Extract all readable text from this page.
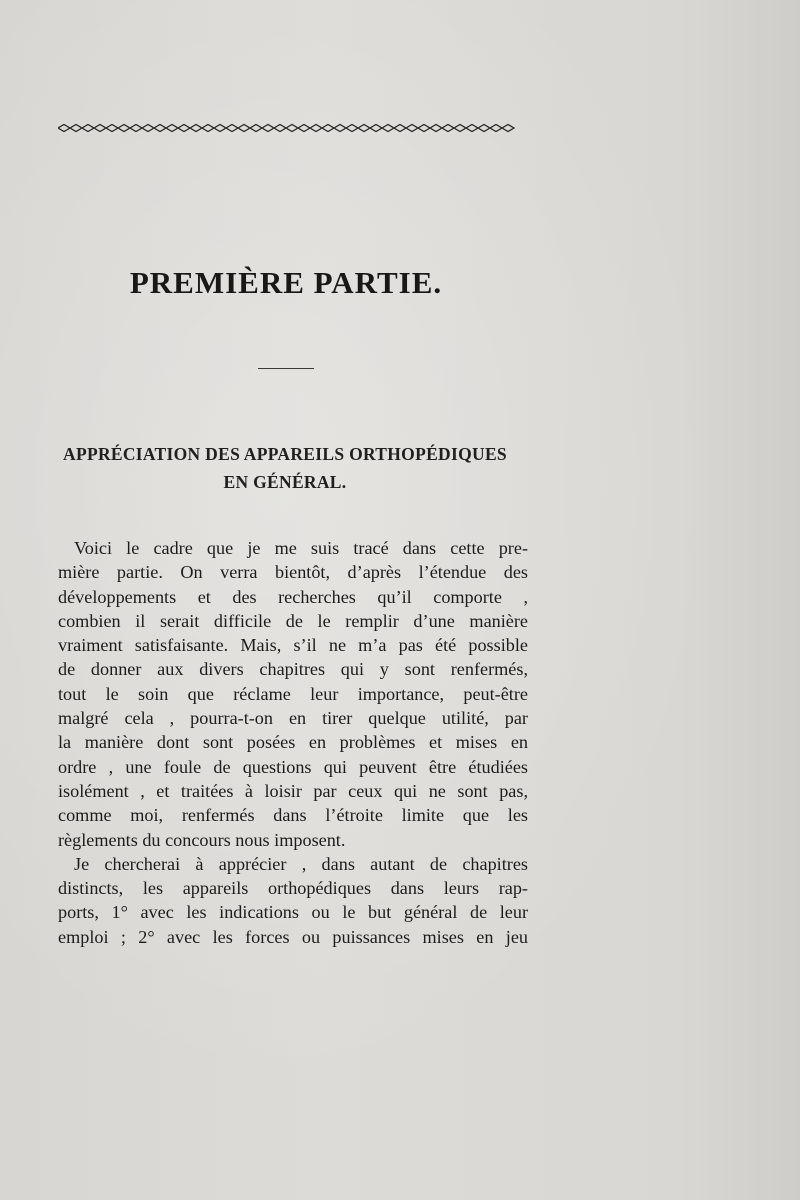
PREMIÈRE PARTIE.
APPRÉCIATION DES APPAREILS ORTHOPÉDIQUES
EN GÉNÉRAL.
Voici le cadre que je me suis tracé dans cette pre-
mière partie. On verra bientôt, d’après l’étendue des
développements et des recherches qu’il comporte ,
combien il serait difficile de le remplir d’une manière
vraiment satisfaisante. Mais, s’il ne m’a pas été possible
de donner aux divers chapitres qui y sont renfermés,
tout le soin que réclame leur importance, peut-être
malgré cela , pourra-t-on en tirer quelque utilité, par
la manière dont sont posées en problèmes et mises en
ordre , une foule de questions qui peuvent être étudiées
isolément , et traitées à loisir par ceux qui ne sont pas,
comme moi, renfermés dans l’étroite limite que les
règlements du concours nous imposent.
Je chercherai à apprécier , dans autant de chapitres
distincts, les appareils orthopédiques dans leurs rap-
ports, 1° avec les indications ou le but général de leur
emploi ; 2° avec les forces ou puissances mises en jeu
